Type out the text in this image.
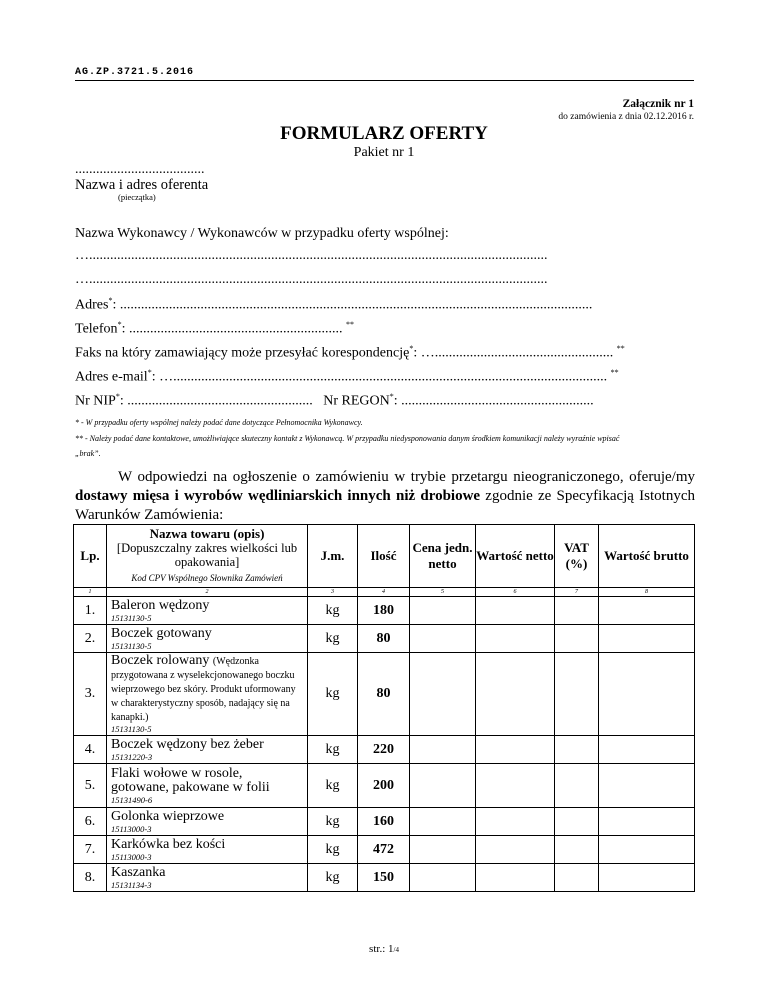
AG.ZP.3721.5.2016
Załącznik nr 1
do zamówienia z dnia 02.12.2016 r.
FORMULARZ OFERTY
Pakiet nr 1
.....................................
Nazwa i adres oferenta
(pieczątka)
Nazwa Wykonawcy / Wykonawców w przypadku oferty wspólnej:
…...................................................................................................................................
…...................................................................................................................................
Adres*: .......................................................................................................................................
Telefon*: ............................................................. **
Faks na który zamawiający może przesyłać korespondencję*: …................................................... **
Adres e-mail*: …............................................................................................................................ **
Nr NIP*: ..................................................... Nr REGON*: .......................................................
* - W przypadku oferty wspólnej należy podać dane dotyczące Pełnomocnika Wykonawcy.
** - Należy podać dane kontaktowe, umożliwiające skuteczny kontakt z Wykonawcą. W przypadku niedysponowania danym środkiem komunikacji należy wyraźnie wpisać
„brak”.
W odpowiedzi na ogłoszenie o zamówieniu w trybie przetargu nieograniczonego, oferuje/my dostawy mięsa i wyrobów wędliniarskich innych niż drobiowe zgodnie ze Specyfikacją Istotnych Warunków Zamówienia:
Lp.	Nazwa towaru (opis)
[Dopuszczalny zakres wielkości lub opakowania]
Kod CPV Wspólnego Słownika Zamówień	J.m.	Ilość	Cena jedn. netto	Wartość netto	VAT (%)	Wartość brutto
1	2	3	4	5	6	7	8
1.	Baleron wędzony
15131130-5	kg	180				
2.	Boczek gotowany
15131130-5	kg	80				
3.	Boczek rolowany (Wędzonka przygotowana z wyselekcjonowanego boczku wieprzowego bez skóry. Produkt uformowany w charakterystyczny sposób, nadający się na kanapki.)
15131130-5	kg	80				
4.	Boczek wędzony bez żeber
15131220-3	kg	220				
5.	Flaki wołowe w rosole, gotowane, pakowane w folii
15131490-6	kg	200				
6.	Golonka wieprzowe
15113000-3	kg	160				
7.	Karkówka bez kości
15113000-3	kg	472				
8.	Kaszanka
15131134-3	kg	150				
str.: 1/4
